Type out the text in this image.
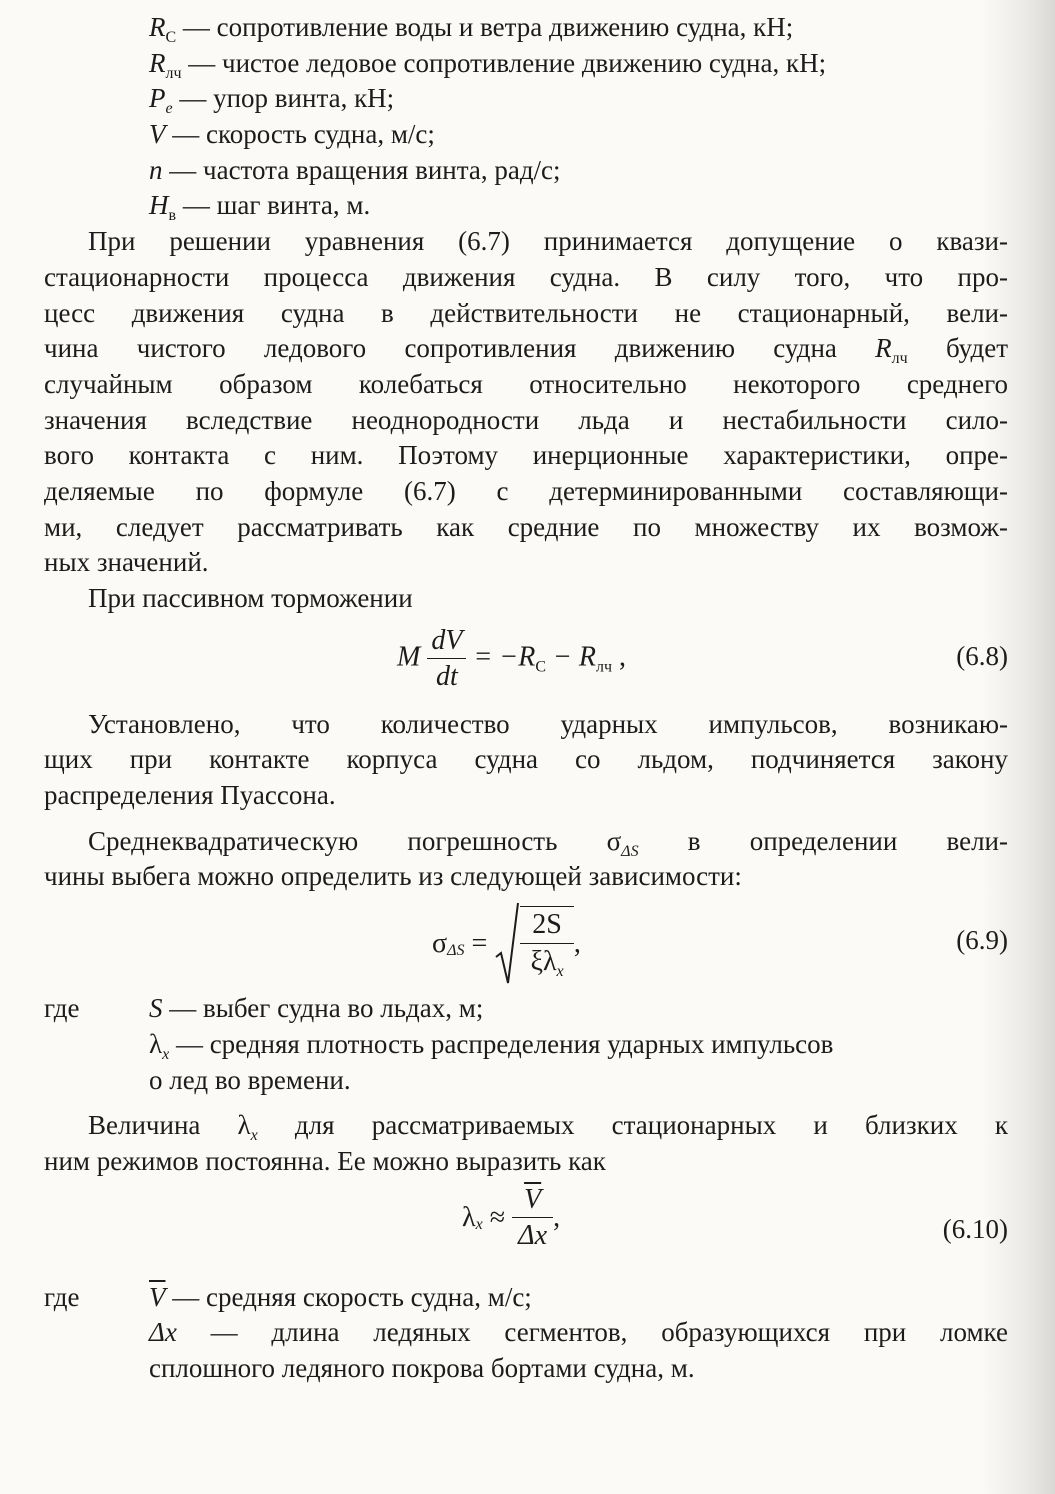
$R_С$ — сопротивление воды и ветра движению судна, кН;
$R_{лч}$ — чистое ледовое сопротивление движению судна, кН;
$P_e$ — упор винта, кН;
V — скорость судна, м/с;
n — частота вращения винта, рад/с;
$H_в$ — шаг винта, м.
При решении уравнения (6.7) принимается допущение о квази-
стационарности процесса движения судна. В силу того, что про-
цесс движения судна в действительности не стационарный, вели-
чина чистого ледового сопротивления движению судна $R_{лч}$ будет
случайным образом колебаться относительно некоторого среднего
значения вследствие неоднородности льда и нестабильности сило-
вого контакта с ним. Поэтому инерционные характеристики, опре-
деляемые по формуле (6.7) с детерминированными составляющи-
ми, следует рассматривать как средние по множеству их возмож-
ных значений.
При пассивном торможении
M $\frac{dV}{dt} = -R_С - R_{лч}$ ,	(6.8)
Установлено, что количество ударных импульсов, возникаю-
щих при контакте корпуса судна со льдом, подчиняется закону
распределения Пуассона.
Среднеквадратическую погрешность $\sigma_{\Delta S}$ в определении вели-
чины выбега можно определить из следующей зависимости:
σ $\Delta S = \frac{2S}{\xi\lambda_x}$ ,	(6.9)
где	S — выбег судна во льдах, м;
$\lambda_x$ — средняя плотность распределения ударных импульсов
о лед во времени.
Величина $\lambda_x$ для рассматриваемых стационарных и близких к
ним режимов постоянна. Ее можно выразить как
λ $x \approx \frac{\overline{V}}{\Delta x}$ ,	(6.10)
где	$\overline{V}$ — средняя скорость судна, м/с;
Δx — длина ледяных сегментов, образующихся при ломке
сплошного ледяного покрова бортами судна, м.
